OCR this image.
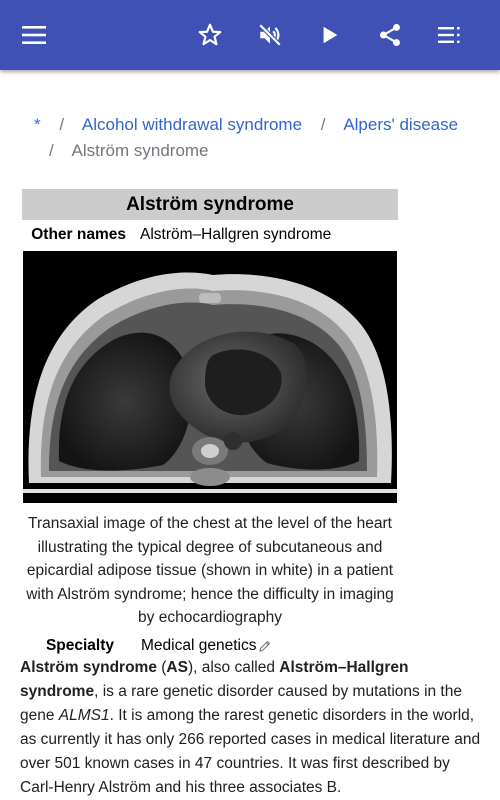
* / Alcohol withdrawal syndrome / Alpers' disease
/ Alström syndrome
Alström syndrome
Other names Alström–Hallgren syndrome
Transaxial image of the chest at the level of the heart illustrating the typical degree of subcutaneous and epicardial adipose tissue (shown in white) in a patient with Alström syndrome; hence the difficulty in imaging by echocardiography
Specialty	Medical genetics
Alström syndrome (AS), also called Alström–Hallgren syndrome, is a rare genetic disorder caused by mutations in the gene ALMS1. It is among the rarest genetic disorders in the world, as currently it has only 266 reported cases in medical literature and over 501 known cases in 47 countries. It was first described by Carl-Henry Alström and his three associates B.
